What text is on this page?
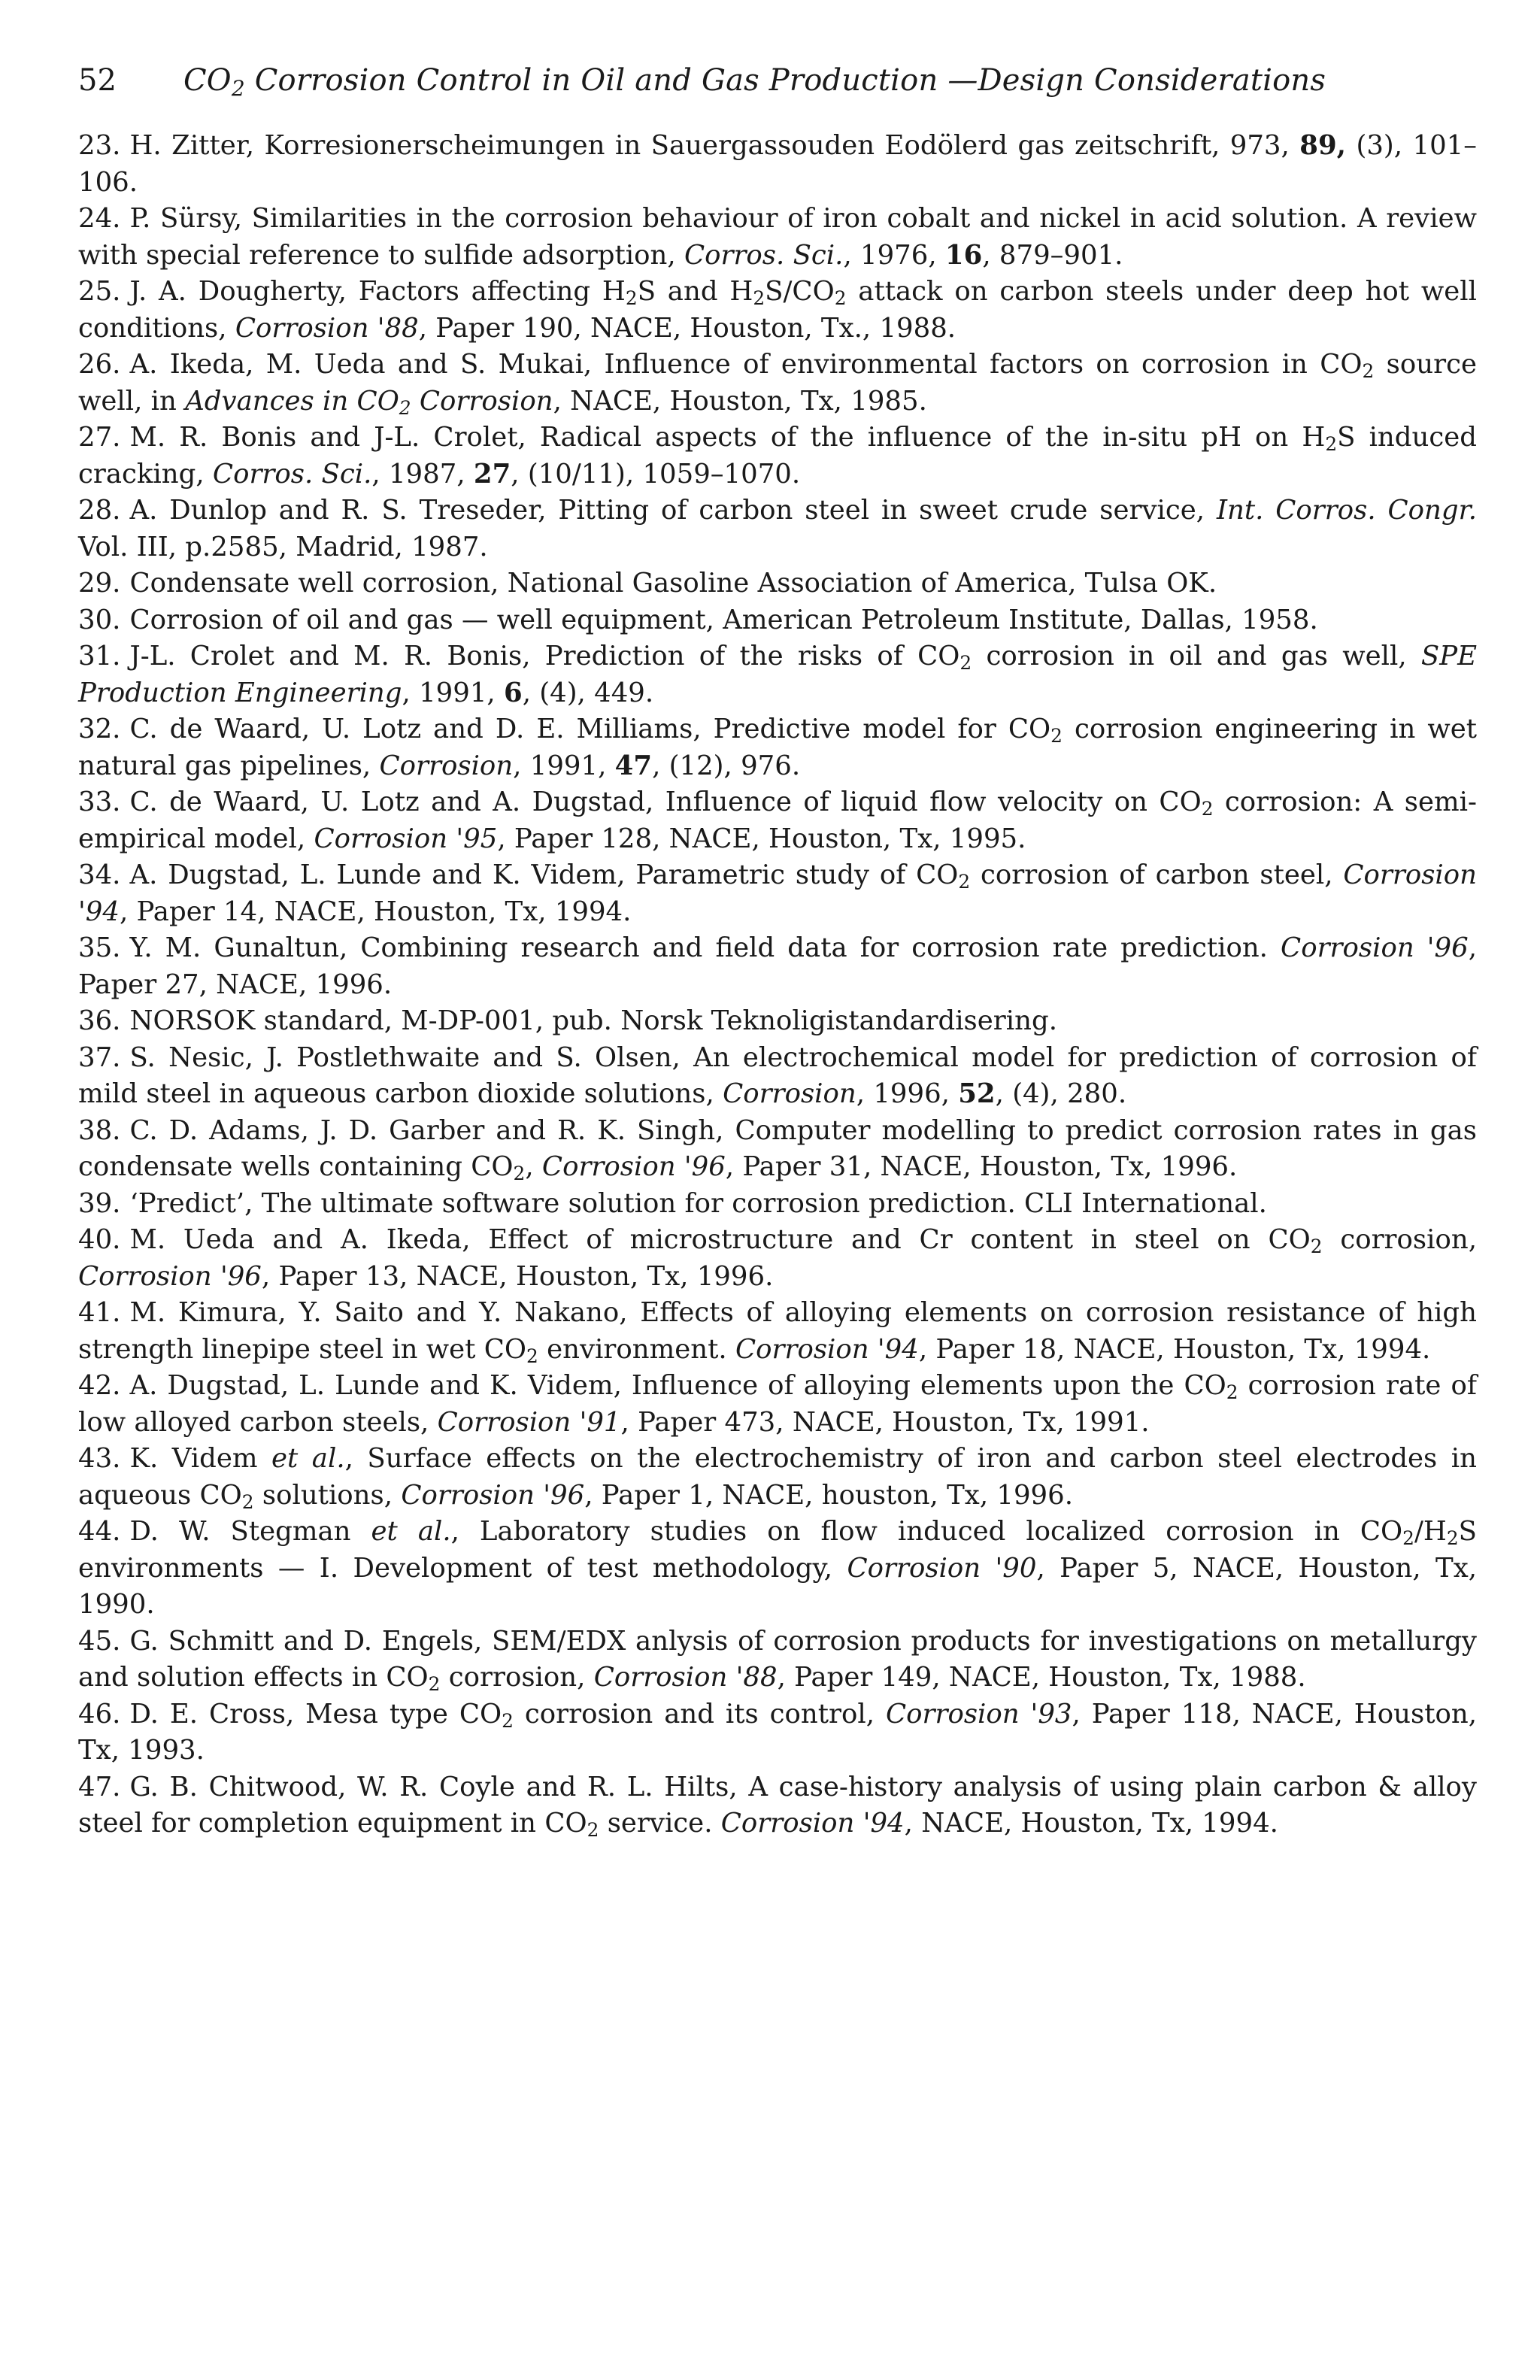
52	$CO_2$ Corrosion Control in Oil and Gas Production —Design Considerations

23. H. Zitter, Korresionerscheimungen in Sauergassouden Eodölerd gas zeitschrift, 973, 89, (3), 101–106.

24. P. Sürsy, Similarities in the corrosion behaviour of iron cobalt and nickel in acid solution. A review with special reference to sulfide adsorption, Corros. Sci., 1976, 16, 879–901.

25. J. A. Dougherty, Factors affecting $H_2S$ and $H_2S/CO_2$ attack on carbon steels under deep hot well conditions, Corrosion '88, Paper 190, NACE, Houston, Tx., 1988.

26. A. Ikeda, M. Ueda and S. Mukai, Influence of environmental factors on corrosion in $CO_2$ source well, in Advances in $CO_2$ Corrosion, NACE, Houston, Tx, 1985.

27. M. R. Bonis and J-L. Crolet, Radical aspects of the influence of the in-situ pH on $H_2S$ induced cracking, Corros. Sci., 1987, 27, (10/11), 1059–1070.

28. A. Dunlop and R. S. Treseder, Pitting of carbon steel in sweet crude service, Int. Corros. Congr. Vol. III, p.2585, Madrid, 1987.

29. Condensate well corrosion, National Gasoline Association of America, Tulsa OK.

30. Corrosion of oil and gas — well equipment, American Petroleum Institute, Dallas, 1958.

31. J-L. Crolet and M. R. Bonis, Prediction of the risks of $CO_2$ corrosion in oil and gas well, SPE Production Engineering, 1991, 6, (4), 449.

32. C. de Waard, U. Lotz and D. E. Milliams, Predictive model for $CO_2$ corrosion engineering in wet natural gas pipelines, Corrosion, 1991, 47, (12), 976.

33. C. de Waard, U. Lotz and A. Dugstad, Influence of liquid flow velocity on $CO_2$ corrosion: A semi-empirical model, Corrosion '95, Paper 128, NACE, Houston, Tx, 1995.

34. A. Dugstad, L. Lunde and K. Videm, Parametric study of $CO_2$ corrosion of carbon steel, Corrosion '94, Paper 14, NACE, Houston, Tx, 1994.

35. Y. M. Gunaltun, Combining research and field data for corrosion rate prediction. Corrosion '96, Paper 27, NACE, 1996.

36. NORSOK standard, M-DP-001, pub. Norsk Teknoligistandardisering.

37. S. Nesic, J. Postlethwaite and S. Olsen, An electrochemical model for prediction of corrosion of mild steel in aqueous carbon dioxide solutions, Corrosion, 1996, 52, (4), 280.

38. C. D. Adams, J. D. Garber and R. K. Singh, Computer modelling to predict corrosion rates in gas condensate wells containing $CO_2$, Corrosion '96, Paper 31, NACE, Houston, Tx, 1996.

39. ‘Predict’, The ultimate software solution for corrosion prediction. CLI International.

40. M. Ueda and A. Ikeda, Effect of microstructure and Cr content in steel on $CO_2$ corrosion, Corrosion '96, Paper 13, NACE, Houston, Tx, 1996.

41. M. Kimura, Y. Saito and Y. Nakano, Effects of alloying elements on corrosion resistance of high strength linepipe steel in wet $CO_2$ environment. Corrosion '94, Paper 18, NACE, Houston, Tx, 1994.

42. A. Dugstad, L. Lunde and K. Videm, Influence of alloying elements upon the $CO_2$ corrosion rate of low alloyed carbon steels, Corrosion '91, Paper 473, NACE, Houston, Tx, 1991.

43. K. Videm et al., Surface effects on the electrochemistry of iron and carbon steel electrodes in aqueous $CO_2$ solutions, Corrosion '96, Paper 1, NACE, houston, Tx, 1996.

44. D. W. Stegman et al., Laboratory studies on flow induced localized corrosion in $CO_2/H_2S$ environments — I. Development of test methodology, Corrosion '90, Paper 5, NACE, Houston, Tx, 1990.

45. G. Schmitt and D. Engels, SEM/EDX anlysis of corrosion products for investigations on metallurgy and solution effects in $CO_2$ corrosion, Corrosion '88, Paper 149, NACE, Houston, Tx, 1988.

46. D. E. Cross, Mesa type $CO_2$ corrosion and its control, Corrosion '93, Paper 118, NACE, Houston, Tx, 1993.

47. G. B. Chitwood, W. R. Coyle and R. L. Hilts, A case-history analysis of using plain carbon & alloy steel for completion equipment in $CO_2$ service. Corrosion '94, NACE, Houston, Tx, 1994.
